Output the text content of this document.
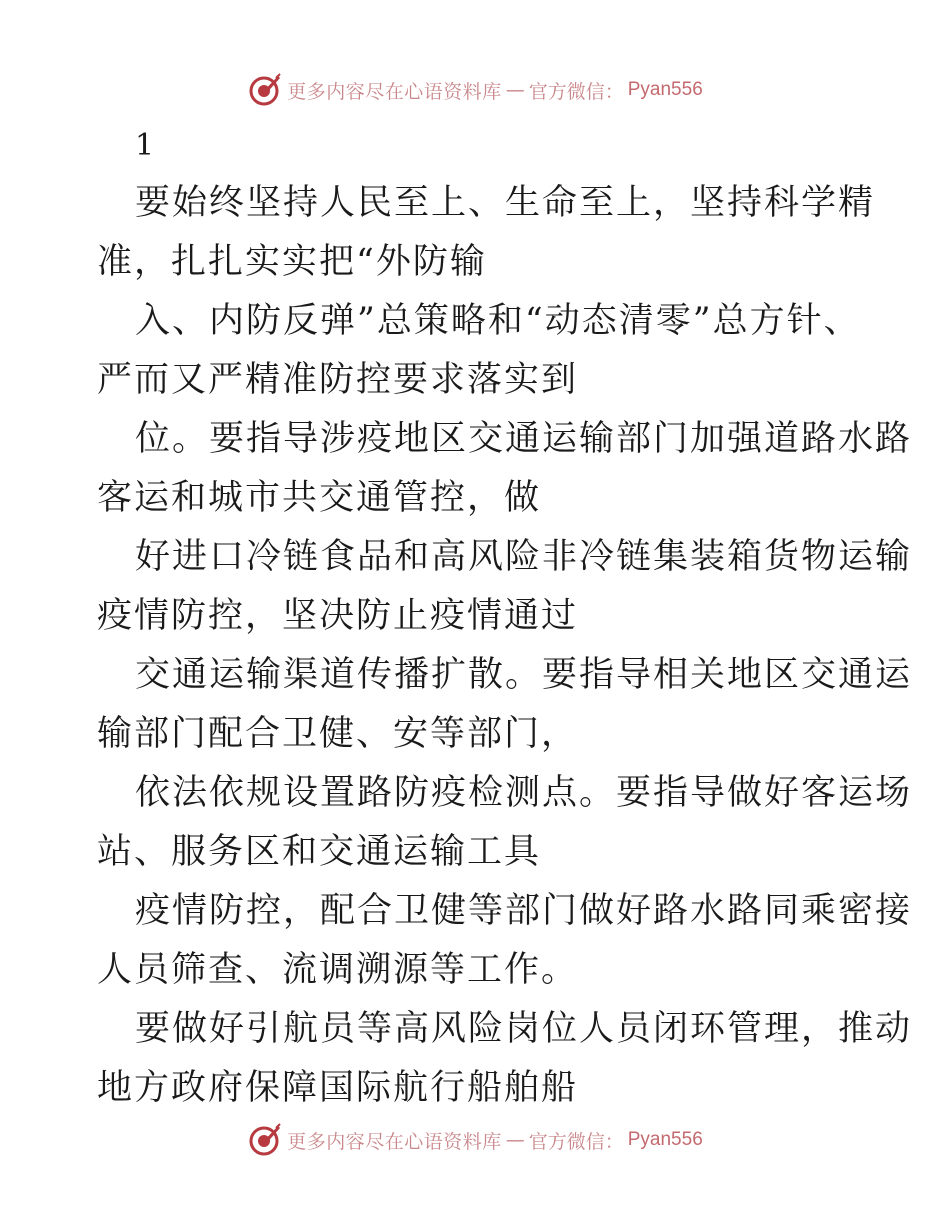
更多内容尽在心语资料库 — 官方微信： Pyan556
1
要始终坚持人民至上、生命至上，坚持科学精
准，扎扎实实把“外防输
入、内防反弹”总策略和“动态清零”总方针、
严而又严精准防控要求落实到
位。要指导涉疫地区交通运输部门加强道路水路
客运和城市共交通管控，做
好进口冷链食品和高风险非冷链集装箱货物运输
疫情防控，坚决防止疫情通过
交通运输渠道传播扩散。要指导相关地区交通运
输部门配合卫健、安等部门，
依法依规设置路防疫检测点。要指导做好客运场
站、服务区和交通运输工具
疫情防控，配合卫健等部门做好路水路同乘密接
人员筛查、流调溯源等工作。
要做好引航员等高风险岗位人员闭环管理，推动
地方政府保障国际航行船舶船
更多内容尽在心语资料库 — 官方微信： Pyan556
